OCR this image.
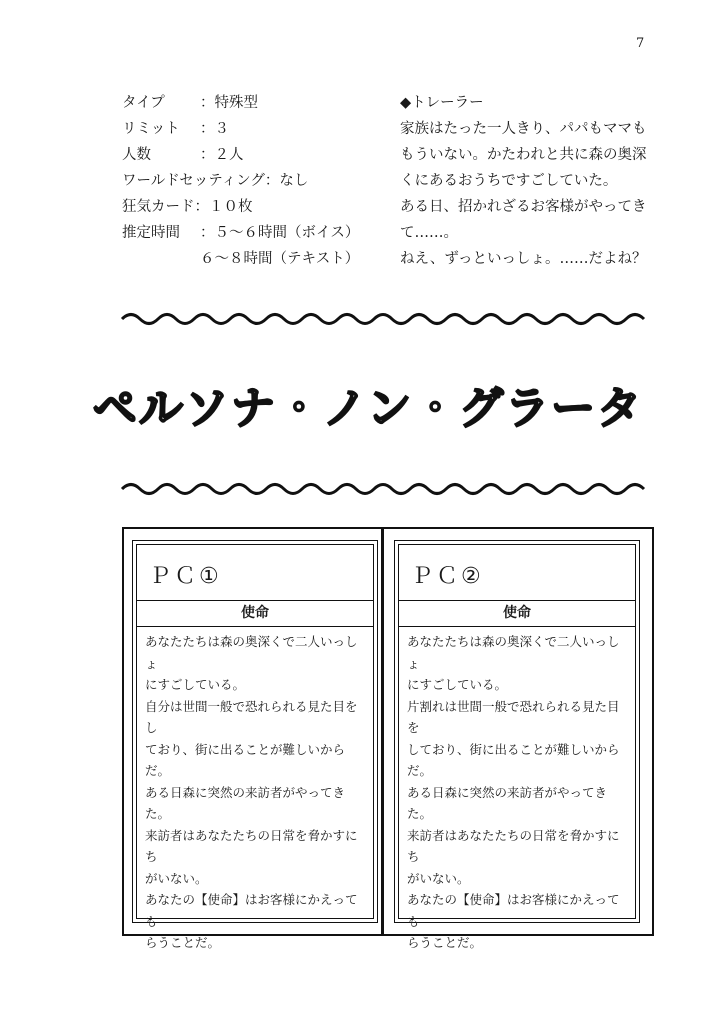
7
タイプ	：特殊型
リミット	：３
人数	：２人
ワールドセッティング ：なし
狂気カード ：１０枚
推定時間	：５～６時間（ボイス）
６～８時間（テキスト）
◆トレーラー
家族はたった一人きり、パパもママも
もういない。かたわれと共に森の奥深
くにあるおうちですごしていた。
ある日、招かれざるお客様がやってき
て……。
ねえ、ずっといっしょ。……だよね？
ペルソナ・ノン・グラータ
ＰＣ①
使命

あなたたちは森の奥深くで二人いっしょ

にすごしている。

自分は世間一般で恐れられる見た目をし

ており、街に出ることが難しいからだ。

ある日森に突然の来訪者がやってきた。

来訪者はあなたたちの日常を脅かすにち

がいない。

あなたの【使命】はお客様にかえっても

らうことだ。

ＰＣ②
使命

あなたたちは森の奥深くで二人いっしょ

にすごしている。

片割れは世間一般で恐れられる見た目を

しており、街に出ることが難しいからだ。

ある日森に突然の来訪者がやってきた。

来訪者はあなたたちの日常を脅かすにち

がいない。

あなたの【使命】はお客様にかえっても

らうことだ。
